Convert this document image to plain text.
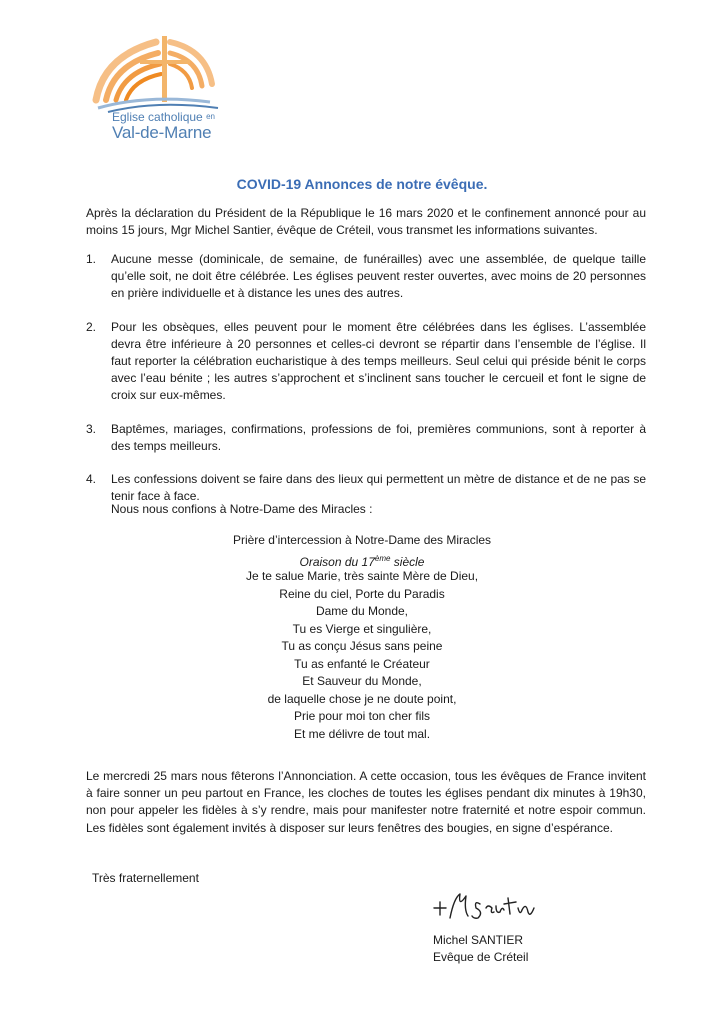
Eglise catholique en
Val-de-Marne
COVID-19 Annonces de notre évêque.
Après la déclaration du Président de la République le 16 mars 2020 et le confinement annoncé pour au moins 15 jours, Mgr Michel Santier, évêque de Créteil, vous transmet les informations suivantes.
1. Aucune messe (dominicale, de semaine, de funérailles) avec une assemblée, de quelque taille qu’elle soit, ne doit être célébrée. Les églises peuvent rester ouvertes, avec moins de 20 personnes en prière individuelle et à distance les unes des autres.
2. Pour les obsèques, elles peuvent pour le moment être célébrées dans les églises. L’assemblée devra être inférieure à 20 personnes et celles-ci devront se répartir dans l’ensemble de l’église. Il faut reporter la célébration eucharistique à des temps meilleurs. Seul celui qui préside bénit le corps avec l’eau bénite ; les autres s’approchent et s’inclinent sans toucher le cercueil et font le signe de croix sur eux-mêmes.
3. Baptêmes, mariages, confirmations, professions de foi, premières communions, sont à reporter à des temps meilleurs.
4. Les confessions doivent se faire dans des lieux qui permettent un mètre de distance et de ne pas se tenir face à face.
Nous nous confions à Notre-Dame des Miracles :
Prière d’intercession à Notre-Dame des Miracles
Oraison du 17ème siècle
Je te salue Marie, très sainte Mère de Dieu,
Reine du ciel, Porte du Paradis
Dame du Monde,
Tu es Vierge et singulière,
Tu as conçu Jésus sans peine
Tu as enfanté le Créateur
Et Sauveur du Monde,
de laquelle chose je ne doute point,
Prie pour moi ton cher fils
Et me délivre de tout mal.
Le mercredi 25 mars nous fêterons l’Annonciation. A cette occasion, tous les évêques de France invitent à faire sonner un peu partout en France, les cloches de toutes les églises pendant dix minutes à 19h30, non pour appeler les fidèles à s’y rendre, mais pour manifester notre fraternité et notre espoir commun. Les fidèles sont également invités à disposer sur leurs fenêtres des bougies, en signe d’espérance.
Très fraternellement
Michel SANTIER
Evêque de Créteil
